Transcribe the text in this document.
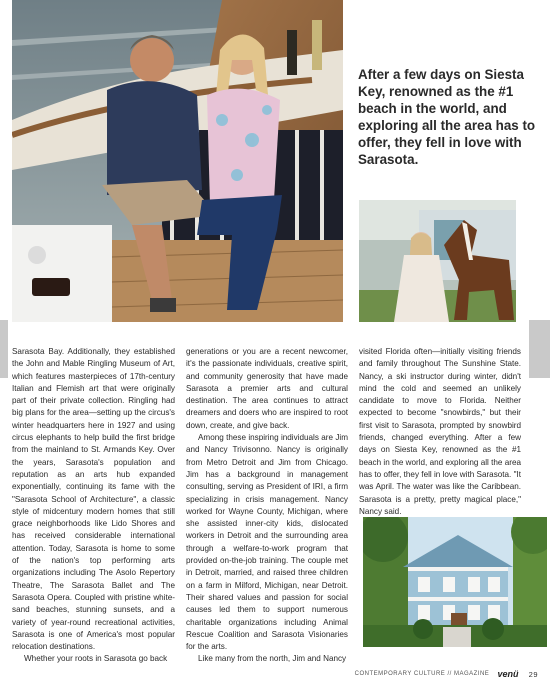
After a few days on Siesta Key, renowned as the #1 beach in the world, and exploring all the area has to offer, they fell in love with Sarasota.

Sarasota Bay. Additionally, they established the John and Mable Ringling Museum of Art, which features masterpieces of 17th-century Italian and Flemish art that were originally part of their private collection. Ringling had big plans for the area—setting up the circus's winter headquarters here in 1927 and using circus elephants to help build the first bridge from the mainland to St. Armands Key. Over the years, Sarasota's population and reputation as an arts hub expanded exponentially, continuing its fame with the "Sarasota School of Architecture", a classic style of midcentury modern homes that still grace neighborhoods like Lido Shores and has received considerable international attention. Today, Sarasota is home to some of the nation's top performing arts organizations including The Asolo Repertory Theatre, The Sarasota Ballet and The Sarasota Opera. Coupled with pristine white-sand beaches, stunning sunsets, and a variety of year-round recreational activities, Sarasota is one of America's most popular relocation destinations.

Whether your roots in Sarasota go back

generations or you are a recent newcomer, it's the passionate individuals, creative spirit, and community generosity that have made Sarasota a premier arts and cultural destination. The area continues to attract dreamers and doers who are inspired to root down, create, and give back.

Among these inspiring individuals are Jim and Nancy Trivisonno. Nancy is originally from Metro Detroit and Jim from Chicago. Jim has a background in management consulting, serving as President of IRI, a firm specializing in crisis management. Nancy worked for Wayne County, Michigan, where she assisted inner-city kids, dislocated workers in Detroit and the surrounding area through a welfare-to-work program that provided on-the-job training. The couple met in Detroit, married, and raised three children on a farm in Milford, Michigan, near Detroit. Their shared values and passion for social causes led them to support numerous charitable organizations including Animal Rescue Coalition and Sarasota Visionaries for the arts.

Like many from the north, Jim and Nancy

visited Florida often—initially visiting friends and family throughout The Sunshine State. Nancy, a ski instructor during winter, didn't mind the cold and seemed an unlikely candidate to move to Florida. Neither expected to become "snowbirds," but their first visit to Sarasota, prompted by snowbird friends, changed everything. After a few days on Siesta Key, renowned as the #1 beach in the world, and exploring all the area has to offer, they fell in love with Sarasota. "It was April. The water was like the Caribbean. Sarasota is a pretty, pretty magical place," Nancy said.

CONTEMPORARY CULTURE // MAGAZINE venü 29
